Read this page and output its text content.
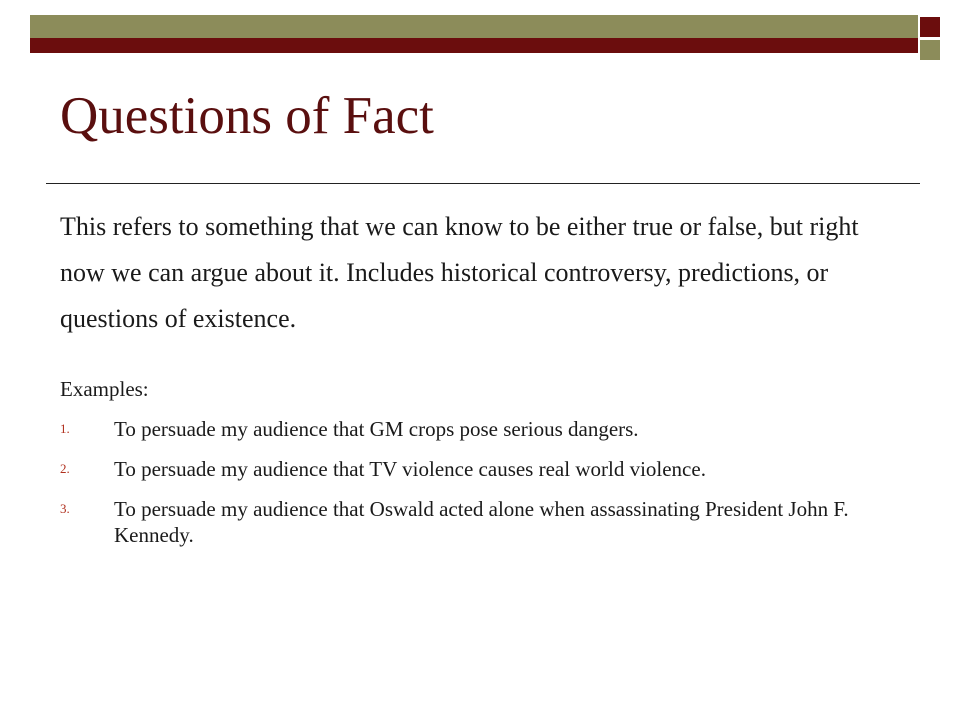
Questions of Fact

This refers to something that we can know to be either true or false, but right now we can argue about it. Includes historical controversy, predictions, or questions of existence.

Examples:

1. To persuade my audience that GM crops pose serious dangers.
2. To persuade my audience that TV violence causes real world violence.
3. To persuade my audience that Oswald acted alone when assassinating President John F. Kennedy.
